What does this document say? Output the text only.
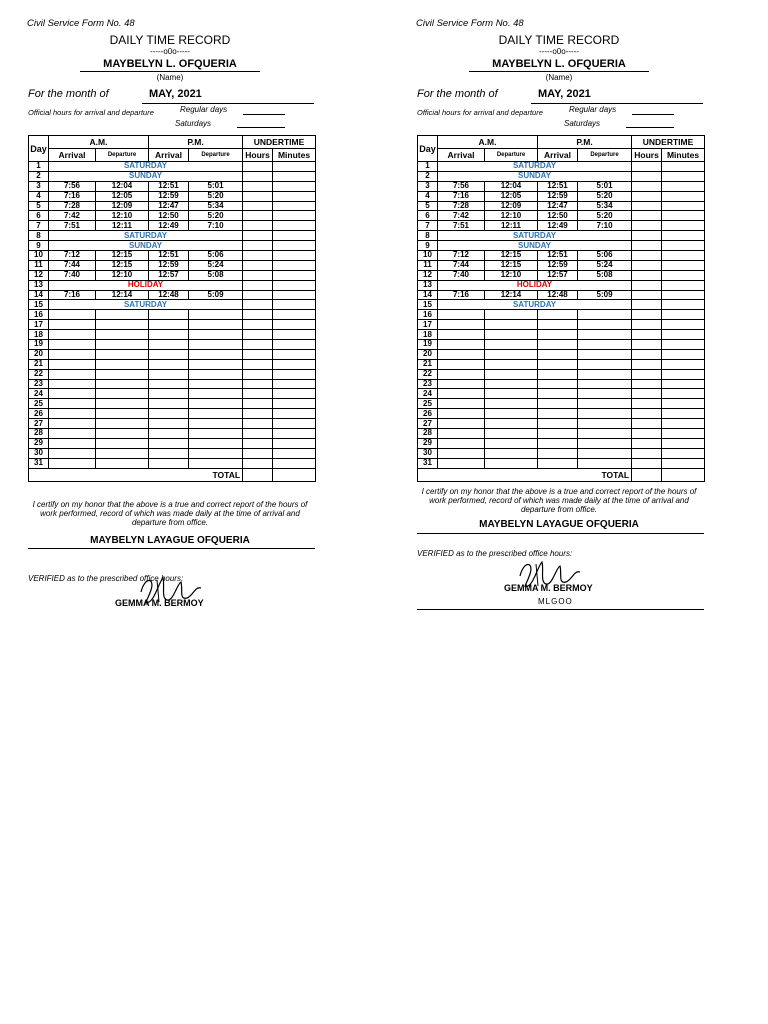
Civil Service Form No. 48
DAILY TIME RECORD
-----o0o-----
MAYBELYN L. OFQUERIA
(Name)
For the month of	MAY, 2021
Official hours for arrival and departure	Regular days
Saturdays
Day	A.M.		P.M.		UNDERTIME	
	Arrival	Departure	Arrival	Departure	Hours	Minutes
1	SATURDAY					
2	SUNDAY					
3	7:56	12:04	12:51	5:01		
4	7:16	12:05	12:59	5:20		
5	7:28	12:09	12:47	5:34		
6	7:42	12:10	12:50	5:20		
7	7:51	12:11	12:49	7:10		
8	SATURDAY					
9	SUNDAY					
10	7:12	12:15	12:51	5:06		
11	7:44	12:15	12:59	5:24		
12	7:40	12:10	12:57	5:08		
13	HOLIDAY					
14	7:16	12:14	12:48	5:09		
15	SATURDAY					
16						
17						
18						
19						
20						
21						
22						
23						
24						
25						
26						
27						
28						
29						
30						
31						
TOTAL						
I certify on my honor that the above is a true and correct report of the hours of work performed, record of which was made daily at the time of arrival and departure from office.
MAYBELYN LAYAGUE OFQUERIA
VERIFIED as to the prescribed office hours:
GEMMA M. BERMOY
Civil Service Form No. 48
DAILY TIME RECORD
-----o0o-----
MAYBELYN L. OFQUERIA
(Name)
For the month of	MAY, 2021
Official hours for arrival and departure	Regular days
Saturdays
Day	A.M.		P.M.		UNDERTIME	
	Arrival	Departure	Arrival	Departure	Hours	Minutes
1	SATURDAY					
2	SUNDAY					
3	7:56	12:04	12:51	5:01		
4	7:16	12:05	12:59	5:20		
5	7:28	12:09	12:47	5:34		
6	7:42	12:10	12:50	5:20		
7	7:51	12:11	12:49	7:10		
8	SATURDAY					
9	SUNDAY					
10	7:12	12:15	12:51	5:06		
11	7:44	12:15	12:59	5:24		
12	7:40	12:10	12:57	5:08		
13	HOLIDAY					
14	7:16	12:14	12:48	5:09		
15	SATURDAY					
16						
17						
18						
19						
20						
21						
22						
23						
24						
25						
26						
27						
28						
29						
30						
31						
TOTAL						
I certify on my honor that the above is a true and correct report of the hours of work performed, record of which was made daily at the time of arrival and departure from office.
MAYBELYN LAYAGUE OFQUERIA
VERIFIED as to the prescribed office hours:
GEMMA M. BERMOY
MLGOO
